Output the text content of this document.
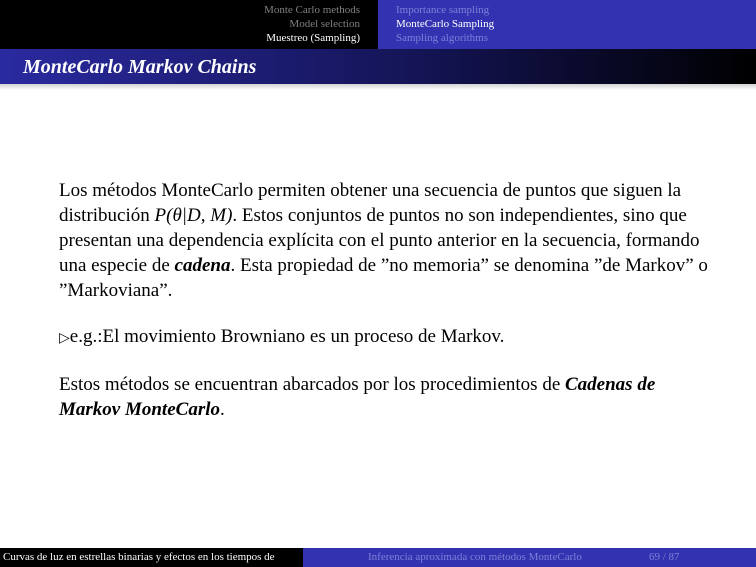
Monte Carlo methods
Model selection
Muestreo (Sampling)
Importance sampling
MonteCarlo Sampling
Sampling algorithms
MonteCarlo Markov Chains

Los métodos MonteCarlo permiten obtener una secuencia de puntos que siguen la distribución P(θ|D, M). Estos conjuntos de puntos no son independientes, sino que presentan una dependencia explícita con el punto anterior en la secuencia, formando una especie de cadena. Esta propiedad de ”no memoria” se denomina ”de Markov” o ”Markoviana”.

▷e.g.:El movimiento Browniano es un proceso de Markov.

Estos métodos se encuentran abarcados por los procedimientos de Cadenas de Markov MonteCarlo.

Curvas de luz en estrellas binarias y efectos en los tiempos de	Inferencia aproximada con métodos MonteCarlo	69 / 87
